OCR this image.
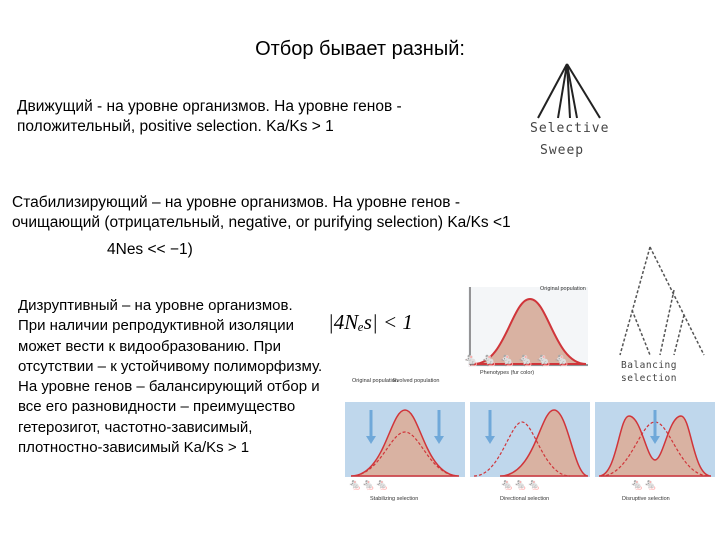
Отбор бывает разный:
Движущий - на уровне организмов. На уровне генов -
положительный, positive selection. Ka/Ks > 1
Стабилизирующий – на уровне организмов. На уровне генов -
очищающий (отрицательный, negative, or purifying selection) Ka/Ks <1
4Nes << −1)
Дизруптивный – на уровне организмов. При наличии репродуктивной изоляции может вести к видообразованию. При отсутствии – к устойчивому полиморфизму. На уровне генов – балансирующий отбор и все его разновидности – преимущество гетерозигот, частотно-зависимый, плотностно-зависимый Ka/Ks > 1
Selective
Sweep
Balancing
selection
|4Nₑs| < 1
Original population
Phenotypes (fur color)
🐁🐁🐁🐁🐁🐁
Original population
Evolved population
🐁🐁🐁	🐁🐁🐁	🐁🐁
Stabilizing selection	Directional selection	Disruptive selection
